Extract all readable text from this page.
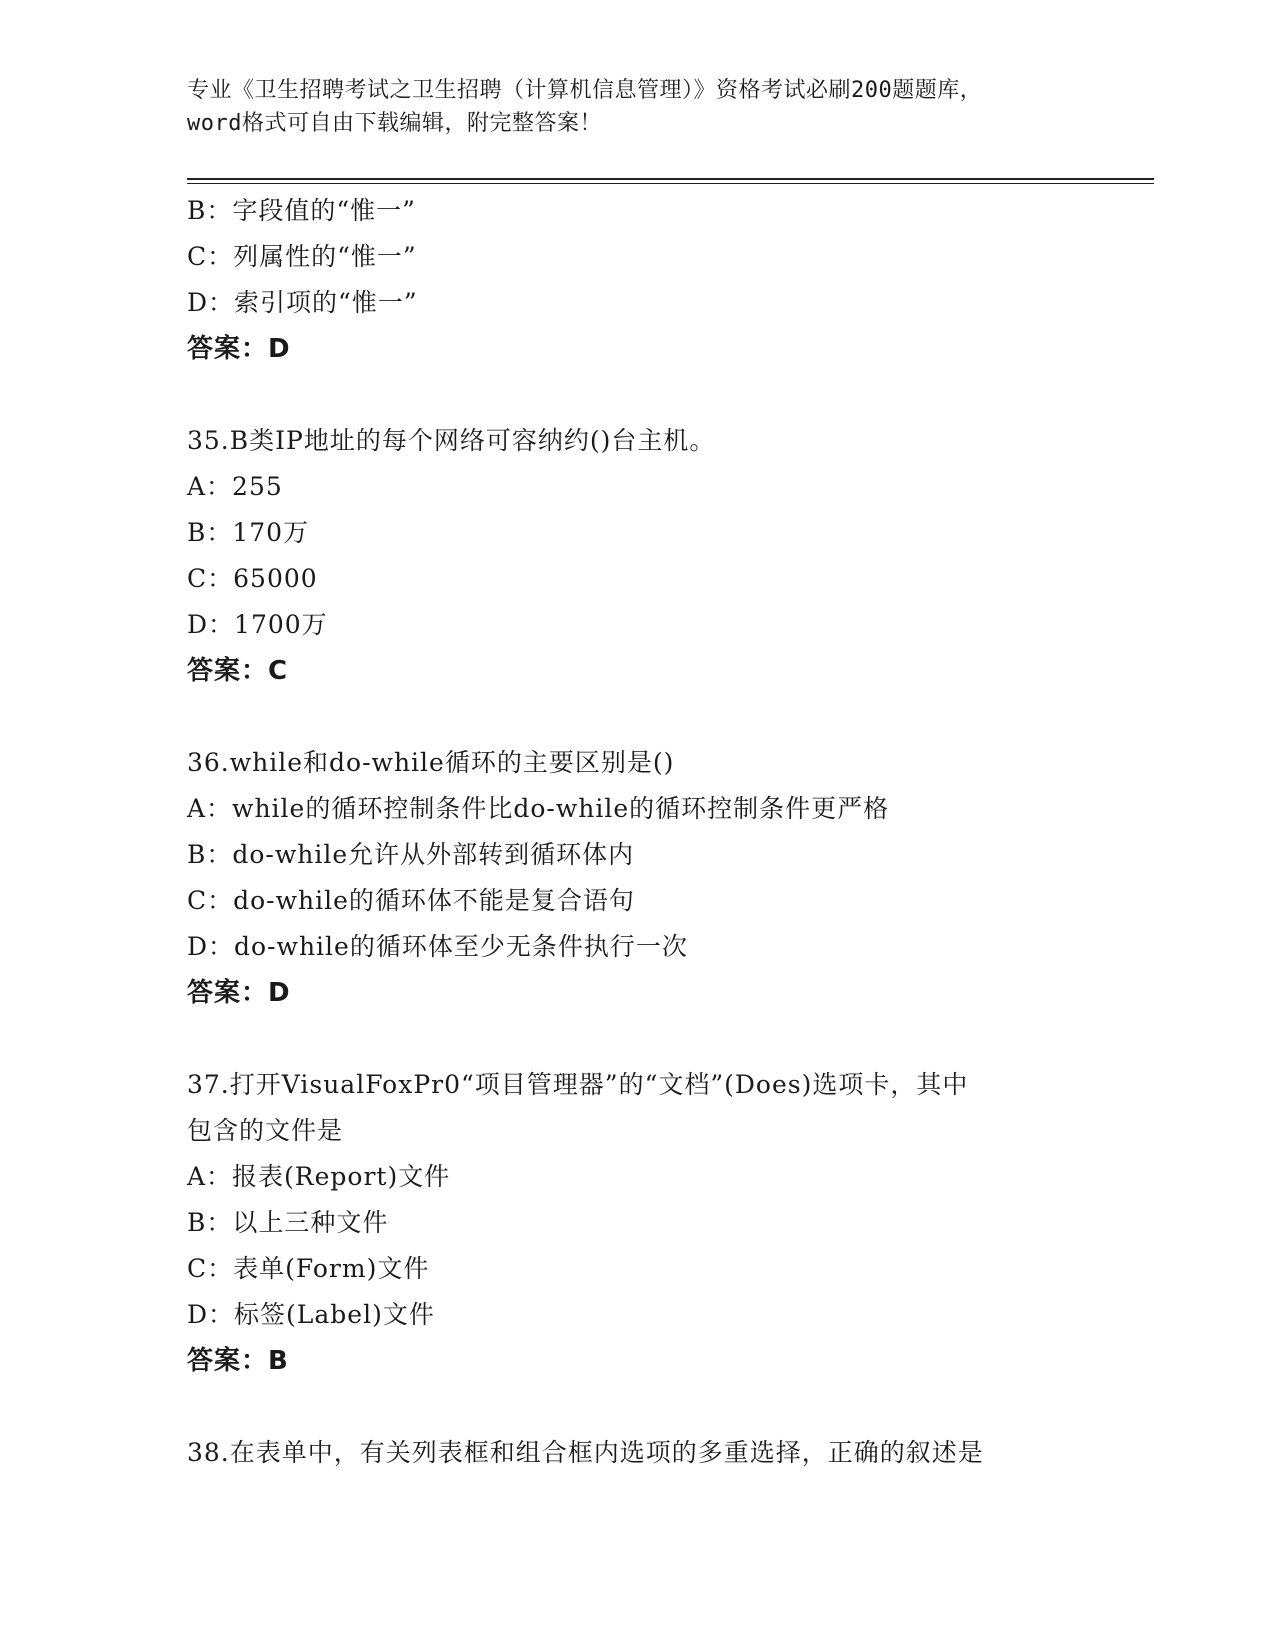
专业《卫生招聘考试之卫生招聘（计算机信息管理）》资格考试必刷200题题库，
word格式可自由下载编辑，附完整答案！
B：字段值的“惟一”
C：列属性的“惟一”
D：索引项的“惟一”
答案：D
35.B类IP地址的每个网络可容纳约()台主机。
A：255
B：170万
C：65000
D：1700万
答案：C
36.while和do-while循环的主要区别是()
A：while的循环控制条件比do-while的循环控制条件更严格
B：do-while允许从外部转到循环体内
C：do-while的循环体不能是复合语句
D：do-while的循环体至少无条件执行一次
答案：D
37.打开VisualFoxPr0“项目管理器”的“文档”(Does)选项卡，其中
包含的文件是
A：报表(Report)文件
B：以上三种文件
C：表单(Form)文件
D：标签(Label)文件
答案：B
38.在表单中，有关列表框和组合框内选项的多重选择，正确的叙述是
